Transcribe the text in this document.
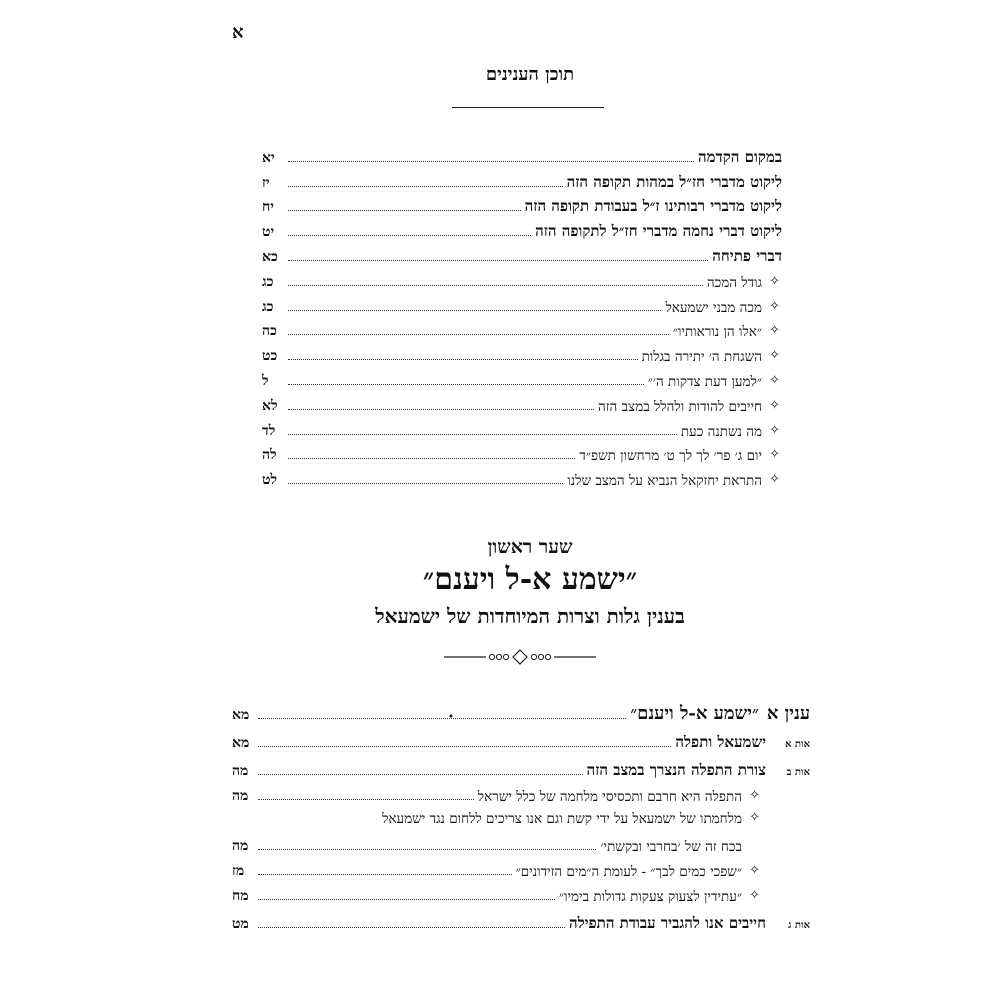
א
תוכן הענינים
במקום הקדמה
יא
ליקוט מדברי חז״ל במהות תקופה הזה
יז
ליקוט מדברי רבותינו ז״ל בעבודת תקופה הזה
יח
ליקוט דברי נחמה מדברי חז״ל לתקופה הזה
יט
דברי פתיחה
כא
✧
גודל המכה
כג
✧
מכה מבני ישמעאל
כג
✧
״אלו הן נוראותיו״
כה
✧
השגחת ה׳ יתירה בגלות
כט
✧
״למען דעת צדקות ה׳״
ל
✧
חייבים להודות ולהלל במצב הזה
לא
✧
מה נשתנה כעת
לד
✧
יום ג׳ פר׳ לך לך ט׳ מרחשון תשפ״ד
לה
✧
התראת יחזקאל הנביא על המצב שלנו
לט
שער ראשון
״ישמע א-ל ויענם״
בענין גלות וצרות המיוחדות של ישמעאל
•	ענין א
״ישמע א-ל ויענם״
מא
אות א
ישמעאל ותפלה
מא
אות ב
צורת התפלה הנצרך במצב הזה
מה
✧
התפלה היא חרבם ותכסיסי מלחמה של כלל ישראל
מה
✧
מלחמתו של ישמעאל על ידי קשת וגם אנו צריכים ללחום נגד ישמעאל
בכח זה של ׳בחרבי ובקשתי׳
מה
✧
״שפכי כמים לבך״ - לעומת ה״מים הזידונים״
מז
✧
״עתידין לצעוק צעקות גדולות בימיו״
מח
אות ג
חייבים אנו להגביר עבודת התפילה
מט
